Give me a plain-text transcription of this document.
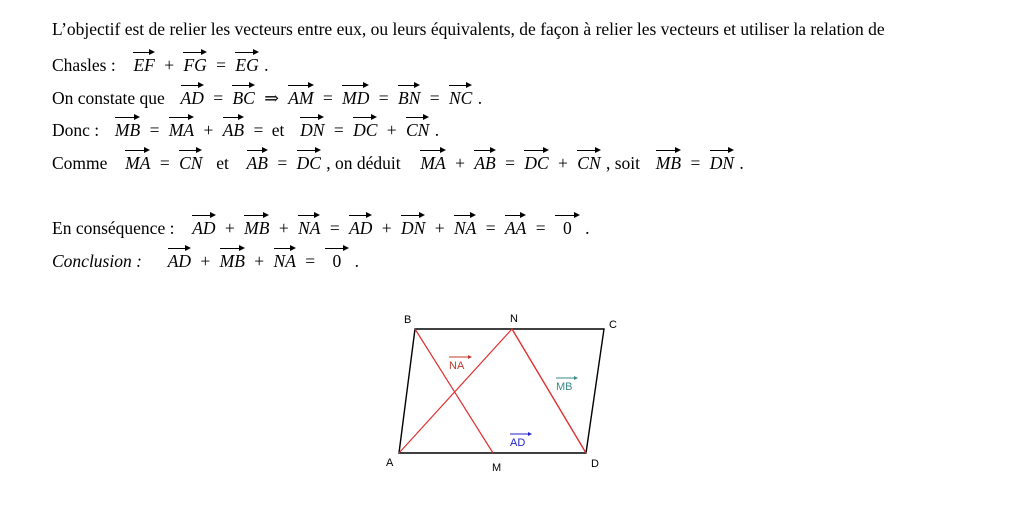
L’objectif est de relier les vecteurs entre eux, ou leurs équivalents, de façon à relier les vecteurs et utiliser la relation de
Chasles : EF + FG = EG .
On constate que AD = BC ⇒ AM = MD = BN = NC .
Donc : MB = MA + AB = et DN = DC + CN .
Comme MA = CN et AB = DC , on déduit MA + AB = DC + CN , soit MB = DN .
En conséquence : AD + MB + NA = AD + DN + NA = AA = 0 .
Conclusion : AD + MB + NA = 0 .
B	N	C
A	M	D
NA
MB
AD
